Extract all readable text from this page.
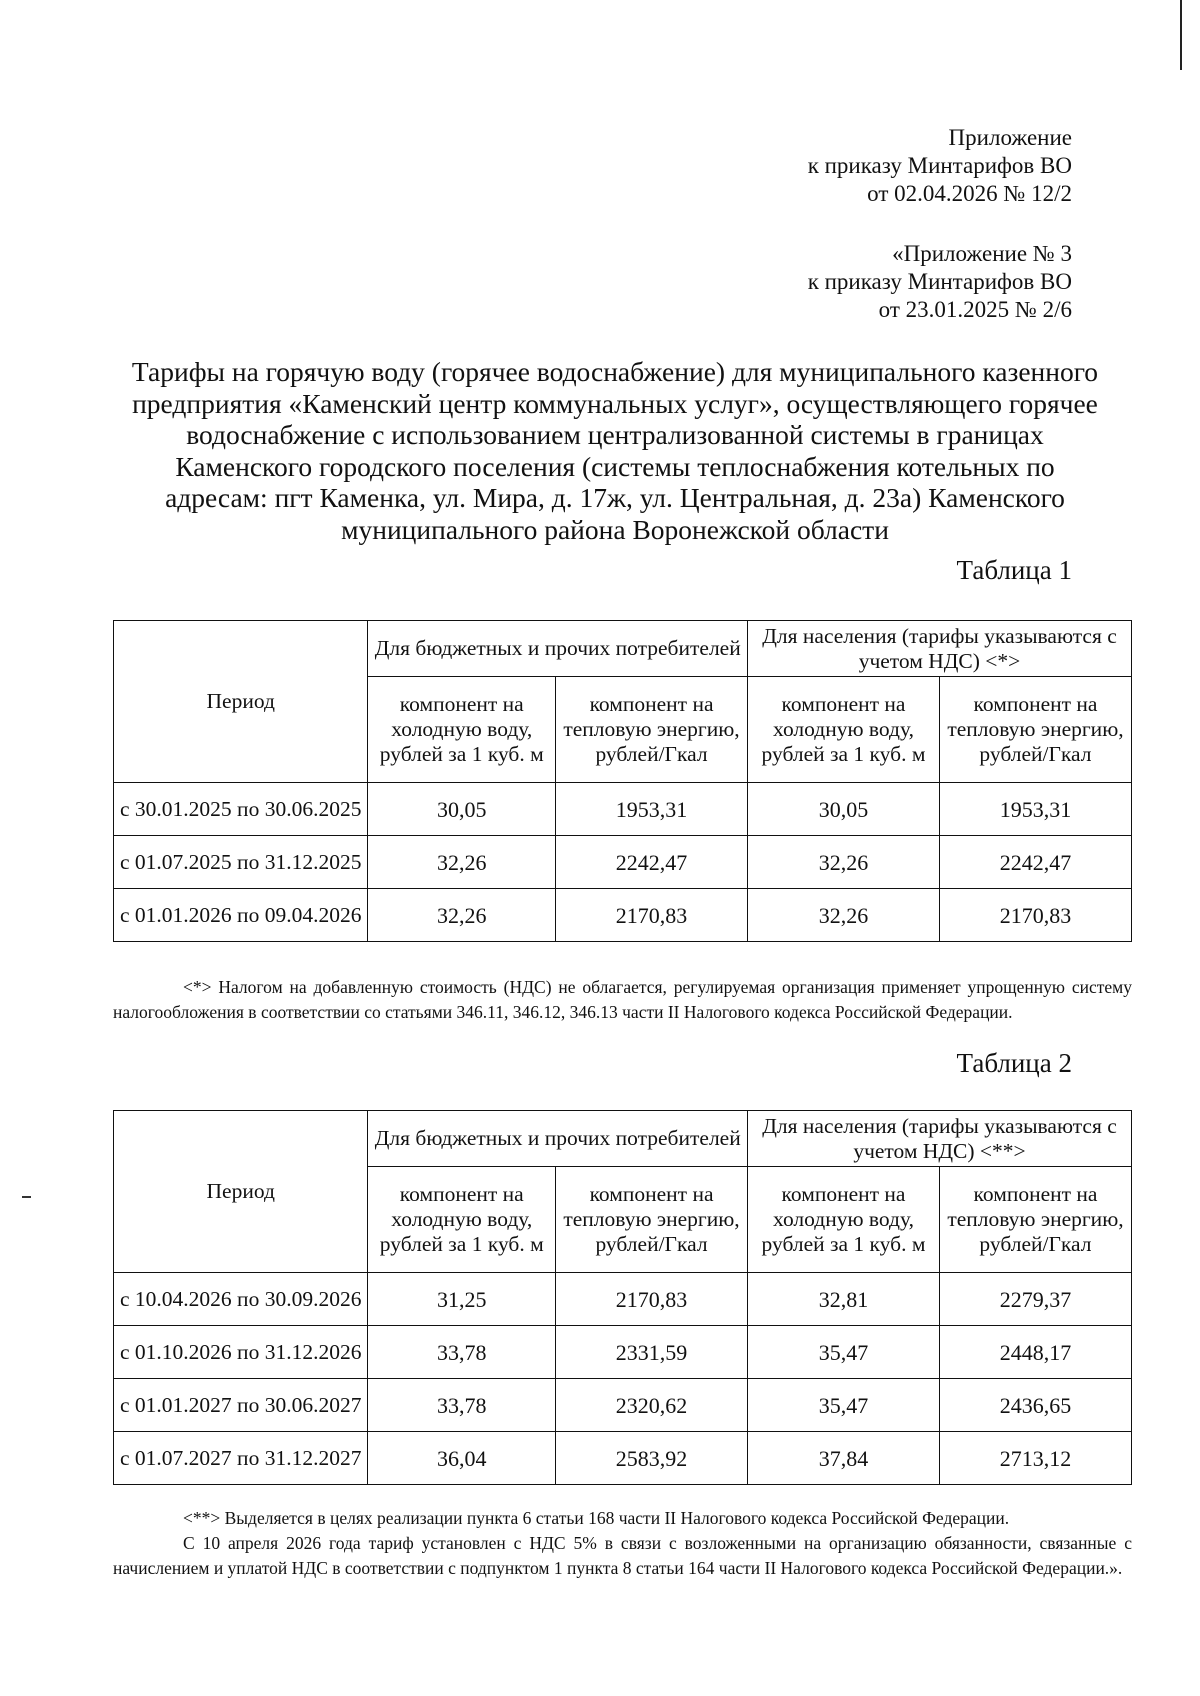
Приложение
к приказу Минтарифов ВО
от 02.04.2026 № 12/2
«Приложение № 3
к приказу Минтарифов ВО
от 23.01.2025 № 2/6
Тарифы на горячую воду (горячее водоснабжение) для муниципального казенного
предприятия «Каменский центр коммунальных услуг», осуществляющего горячее
водоснабжение с использованием централизованной системы в границах
Каменского городского поселения (системы теплоснабжения котельных по
адресам: пгт Каменка, ул. Мира, д. 17ж, ул. Центральная, д. 23а) Каменского
муниципального района Воронежской области
Таблица 1
Период	Для бюджетных и прочих потребителей		Для населения (тарифы указываются с учетом НДС) <*>	
	компонент на холодную воду, рублей за 1 куб. м	компонент на тепловую энергию, рублей/Гкал	компонент на холодную воду, рублей за 1 куб. м	компонент на тепловую энергию, рублей/Гкал
с 30.01.2025 по 30.06.2025	30,05	1953,31	30,05	1953,31
с 01.07.2025 по 31.12.2025	32,26	2242,47	32,26	2242,47
с 01.01.2026 по 09.04.2026	32,26	2170,83	32,26	2170,83

<*> Налогом на добавленную стоимость (НДС) не облагается, регулируемая организация применяет упрощенную систему налогообложения в соответствии со статьями 346.11, 346.12, 346.13 части II Налогового кодекса Российской Федерации.

Таблица 2
Период	Для бюджетных и прочих потребителей		Для населения (тарифы указываются с учетом НДС) <**>	
	компонент на холодную воду, рублей за 1 куб. м	компонент на тепловую энергию, рублей/Гкал	компонент на холодную воду, рублей за 1 куб. м	компонент на тепловую энергию, рублей/Гкал
с 10.04.2026 по 30.09.2026	31,25	2170,83	32,81	2279,37
с 01.10.2026 по 31.12.2026	33,78	2331,59	35,47	2448,17
с 01.01.2027 по 30.06.2027	33,78	2320,62	35,47	2436,65
с 01.07.2027 по 31.12.2027	36,04	2583,92	37,84	2713,12

<**> Выделяется в целях реализации пункта 6 статьи 168 части II Налогового кодекса Российской Федерации.

С 10 апреля 2026 года тариф установлен с НДС 5% в связи с возложенными на организацию обязанности, связанные с начислением и уплатой НДС в соответствии с подпунктом 1 пункта 8 статьи 164 части II Налогового кодекса Российской Федерации.».
